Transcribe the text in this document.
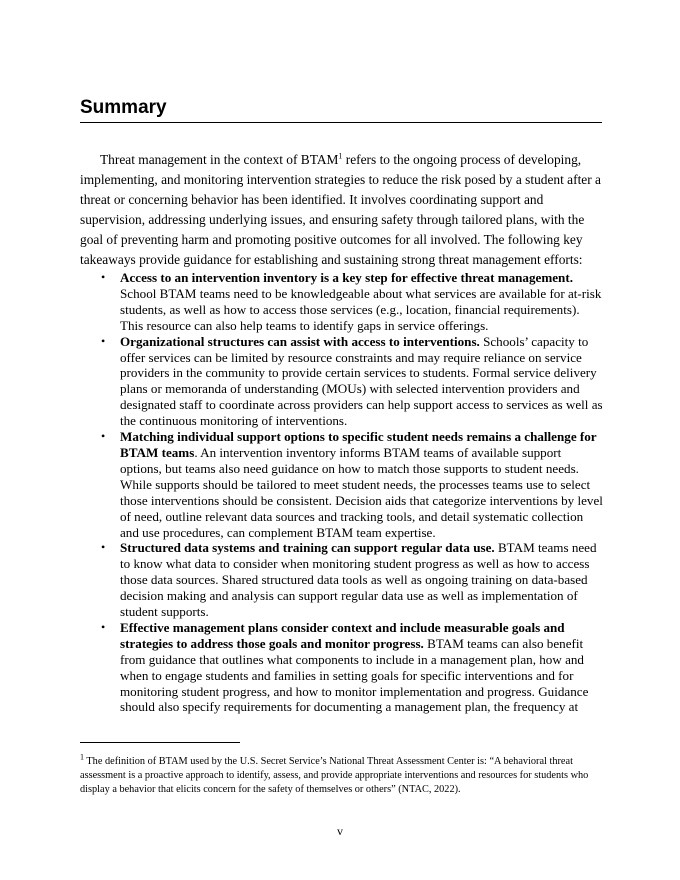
Summary

Threat management in the context of BTAM$^1$ refers to the ongoing process of developing, implementing, and monitoring intervention strategies to reduce the risk posed by a student after a threat or concerning behavior has been identified. It involves coordinating support and supervision, addressing underlying issues, and ensuring safety through tailored plans, with the goal of preventing harm and promoting positive outcomes for all involved. The following key takeaways provide guidance for establishing and sustaining strong threat management efforts:

• Access to an intervention inventory is a key step for effective threat management. School BTAM teams need to be knowledgeable about what services are available for at-risk students, as well as how to access those services (e.g., location, financial requirements). This resource can also help teams to identify gaps in service offerings.
• Organizational structures can assist with access to interventions. Schools’ capacity to offer services can be limited by resource constraints and may require reliance on service providers in the community to provide certain services to students. Formal service delivery plans or memoranda of understanding (MOUs) with selected intervention providers and designated staff to coordinate across providers can help support access to services as well as the continuous monitoring of interventions.
• Matching individual support options to specific student needs remains a challenge for BTAM teams. An intervention inventory informs BTAM teams of available support options, but teams also need guidance on how to match those supports to student needs. While supports should be tailored to meet student needs, the processes teams use to select those interventions should be consistent. Decision aids that categorize interventions by level of need, outline relevant data sources and tracking tools, and detail systematic collection and use procedures, can complement BTAM team expertise.
• Structured data systems and training can support regular data use. BTAM teams need to know what data to consider when monitoring student progress as well as how to access those data sources. Shared structured data tools as well as ongoing training on data-based decision making and analysis can support regular data use as well as implementation of student supports.
• Effective management plans consider context and include measurable goals and strategies to address those goals and monitor progress. BTAM teams can also benefit from guidance that outlines what components to include in a management plan, how and when to engage students and families in setting goals for specific interventions and for monitoring student progress, and how to monitor implementation and progress. Guidance should also specify requirements for documenting a management plan, the frequency at

$^1$ The definition of BTAM used by the U.S. Secret Service’s National Threat Assessment Center is: “A behavioral threat assessment is a proactive approach to identify, assess, and provide appropriate interventions and resources for students who display a behavior that elicits concern for the safety of themselves or others” (NTAC, 2022).

v
